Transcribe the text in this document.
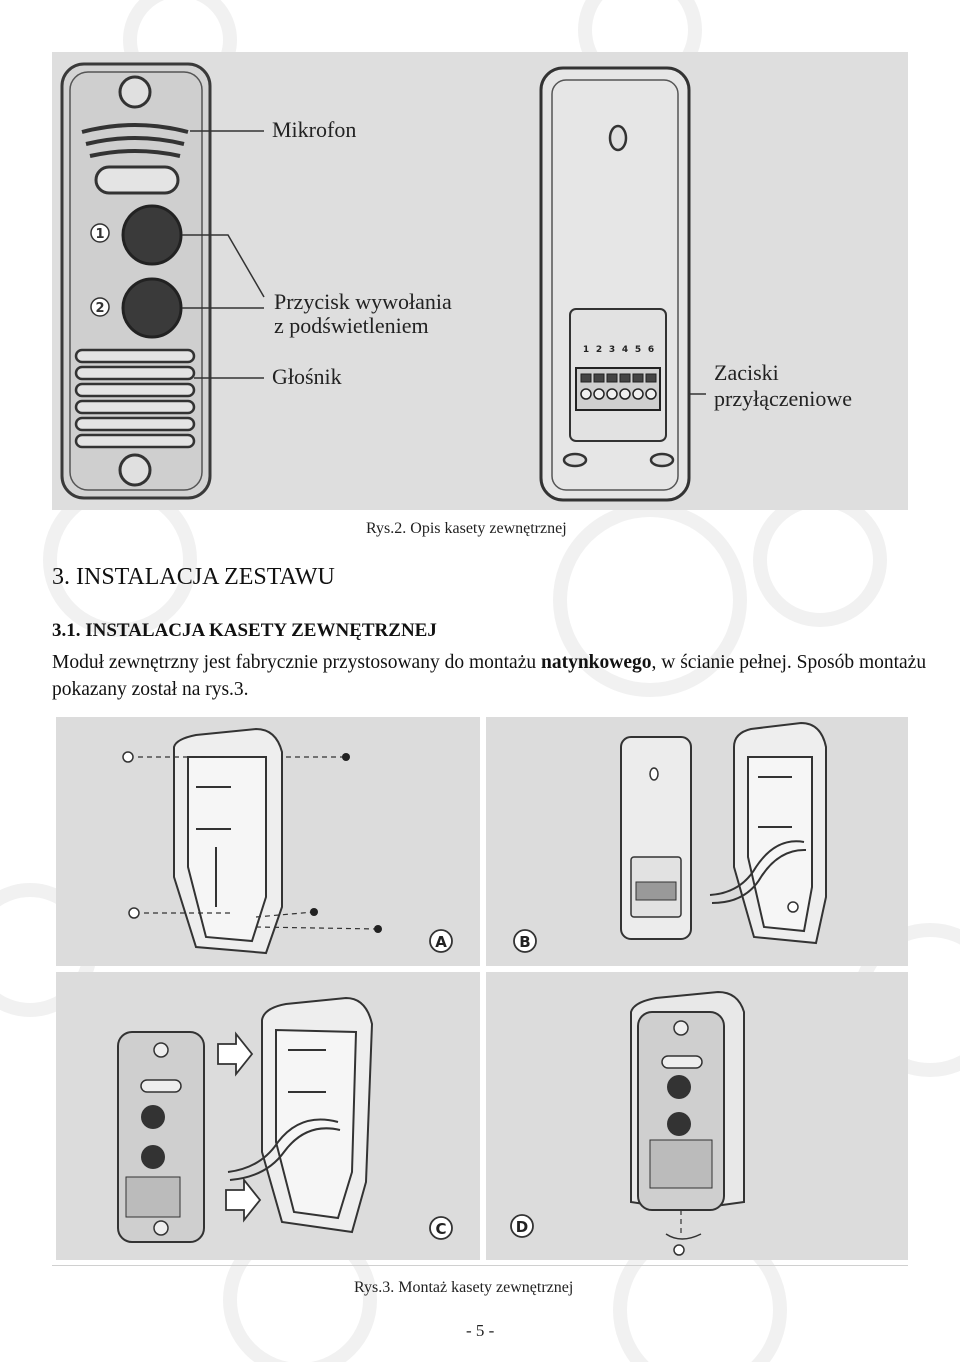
1
2
1 2 3 4 5 6
Mikrofon
Przycisk wywołania
z podświetleniem
Głośnik	Zaciski
przyłączeniowe
Rys.2. Opis kasety zewnętrznej
3. INSTALACJA ZESTAWU
3.1. INSTALACJA KASETY ZEWNĘTRZNEJ
Moduł zewnętrzny jest fabrycznie przystosowany do montażu natynkowego, w ścianie pełnej. Sposób montażu pokazany został na rys.3.
A	B
C	D
Rys.3. Montaż kasety zewnętrznej
- 5 -
